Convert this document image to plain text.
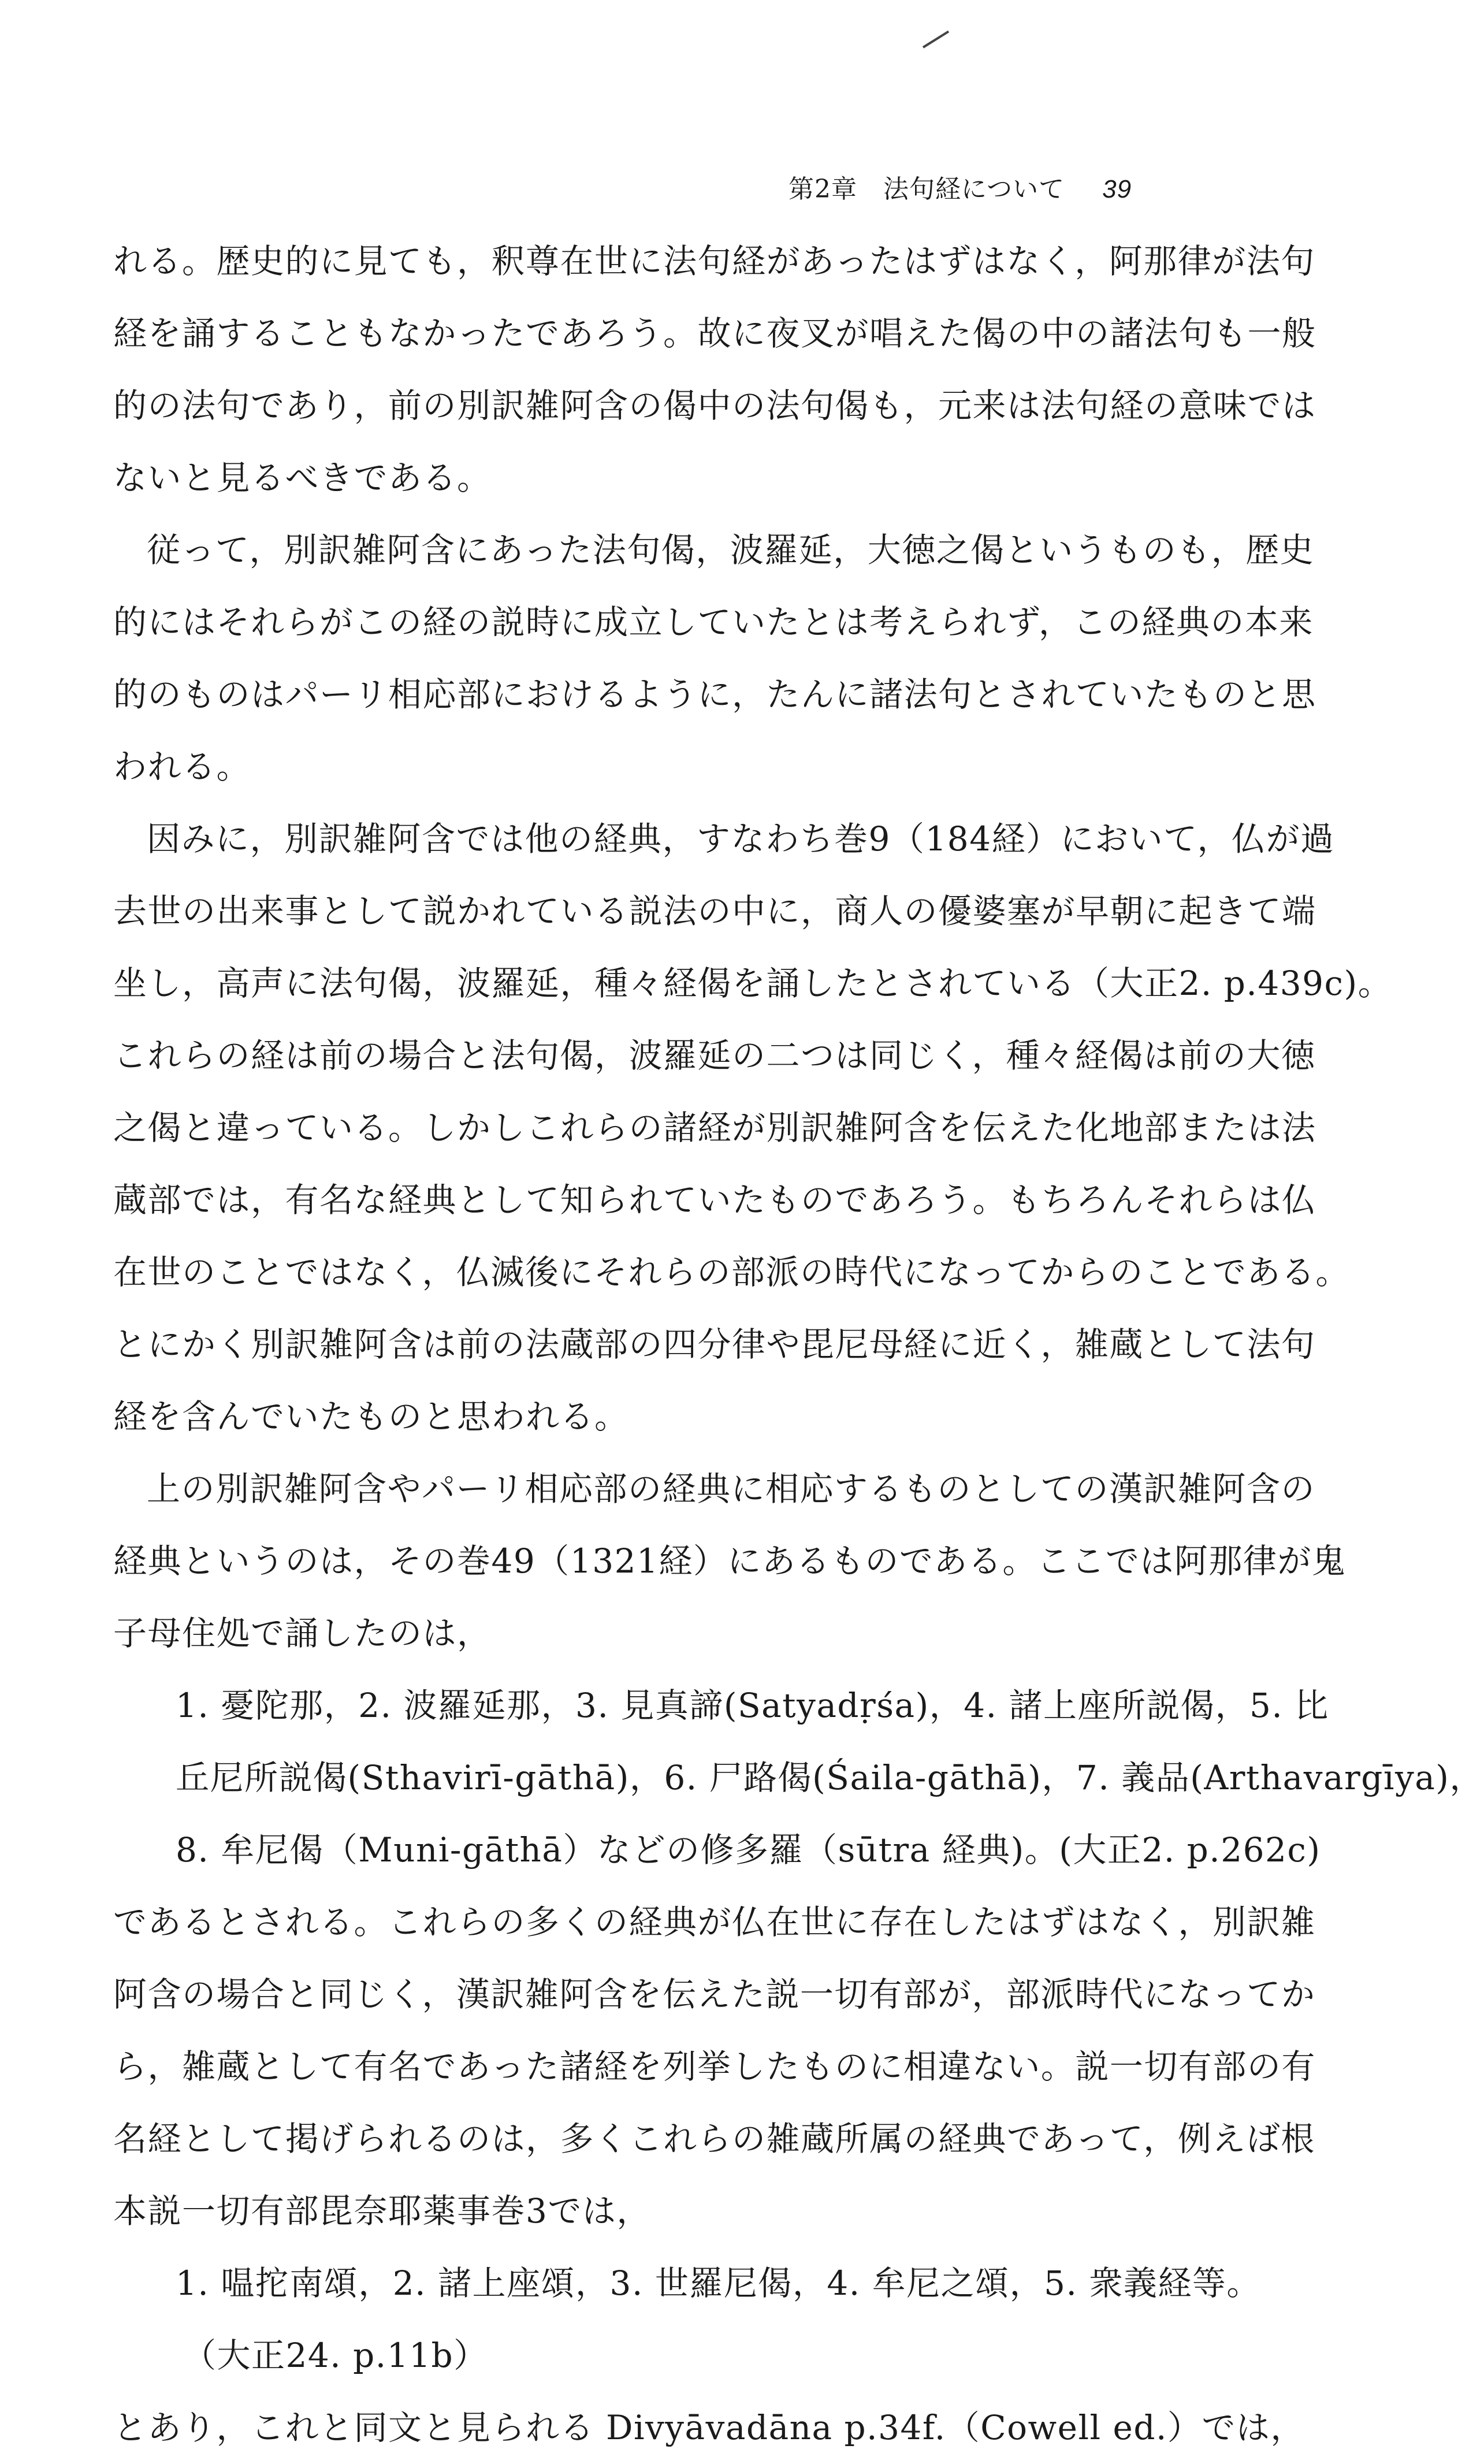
第2章　法句経について 39
れる。歴史的に見ても，釈尊在世に法句経があったはずはなく，阿那律が法句
経を誦することもなかったであろう。故に夜叉が唱えた偈の中の諸法句も一般
的の法句であり，前の別訳雑阿含の偈中の法句偈も，元来は法句経の意味では
ないと見るべきである。
従って，別訳雑阿含にあった法句偈，波羅延，大徳之偈というものも，歴史
的にはそれらがこの経の説時に成立していたとは考えられず，この経典の本来
的のものはパーリ相応部におけるように，たんに諸法句とされていたものと思
われる。
因みに，別訳雑阿含では他の経典，すなわち巻9（184経）において，仏が過
去世の出来事として説かれている説法の中に，商人の優婆塞が早朝に起きて端
坐し，高声に法句偈，波羅延，種々経偈を誦したとされている（大正2. p.439c)。
これらの経は前の場合と法句偈，波羅延の二つは同じく，種々経偈は前の大徳
之偈と違っている。しかしこれらの諸経が別訳雑阿含を伝えた化地部または法
蔵部では，有名な経典として知られていたものであろう。もちろんそれらは仏
在世のことではなく，仏滅後にそれらの部派の時代になってからのことである。
とにかく別訳雑阿含は前の法蔵部の四分律や毘尼母経に近く，雑蔵として法句
経を含んでいたものと思われる。
上の別訳雑阿含やパーリ相応部の経典に相応するものとしての漢訳雑阿含の
経典というのは，その巻49（1321経）にあるものである。ここでは阿那律が鬼
子母住処で誦したのは，
1. 憂陀那，2. 波羅延那，3. 見真諦(Satyadṛśa)，4. 諸上座所説偈，5. 比
丘尼所説偈(Sthavirī-gāthā)，6. 尸路偈(Śaila-gāthā)，7. 義品(Arthavargīya)，
8. 牟尼偈（Muni-gāthā）などの修多羅（sūtra 経典)。(大正2. p.262c)
であるとされる。これらの多くの経典が仏在世に存在したはずはなく，別訳雑
阿含の場合と同じく，漢訳雑阿含を伝えた説一切有部が，部派時代になってか
ら，雑蔵として有名であった諸経を列挙したものに相違ない。説一切有部の有
名経として掲げられるのは，多くこれらの雑蔵所属の経典であって，例えば根
本説一切有部毘奈耶薬事巻3では，
1. 嗢拕南頌，2. 諸上座頌，3. 世羅尼偈，4. 牟尼之頌，5. 衆義経等。
（大正24. p.11b）
とあり，これと同文と見られる Divyāvadāna p.34f.（Cowell ed.）では，
